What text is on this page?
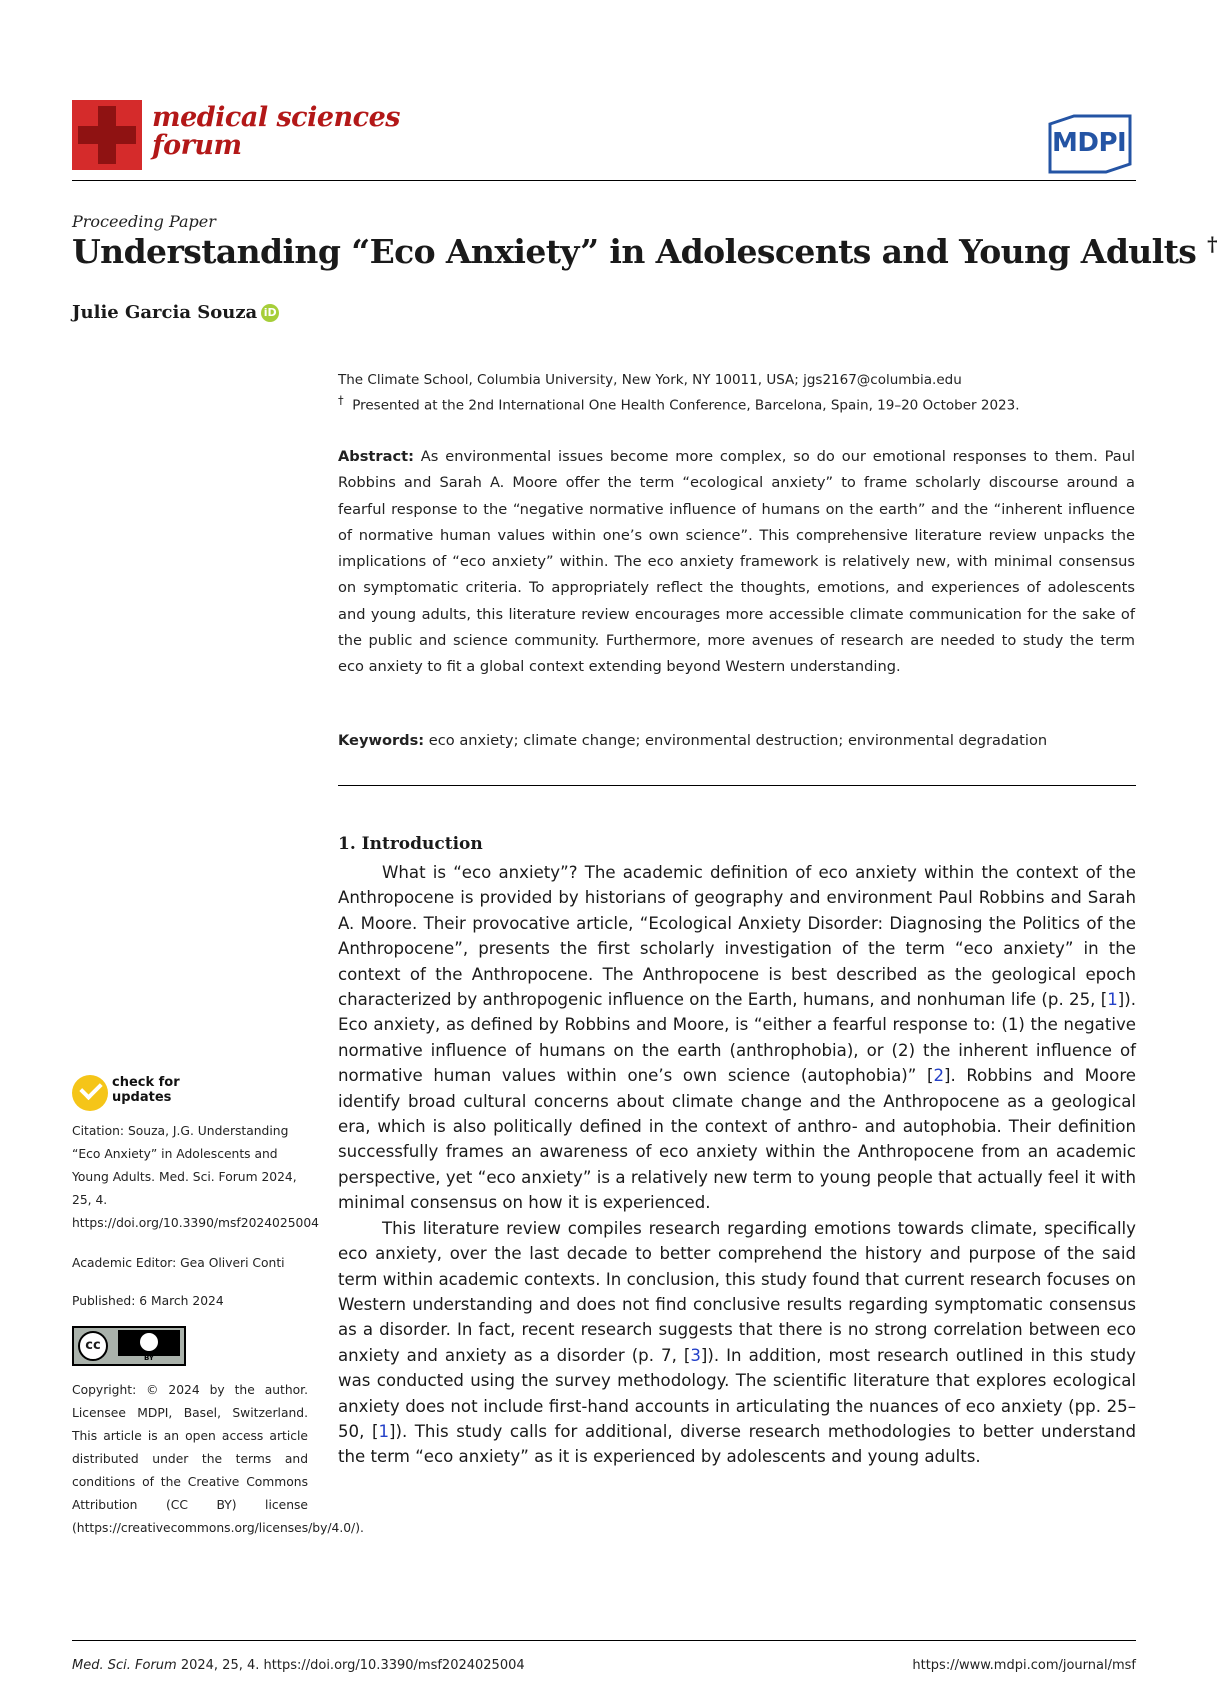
medical sciences
forum	MDPI
Proceeding Paper
Understanding “Eco Anxiety” in Adolescents and Young Adults †
Julie Garcia Souza iD
The Climate School, Columbia University, New York, NY 10011, USA; jgs2167@columbia.edu
† Presented at the 2nd International One Health Conference, Barcelona, Spain, 19–20 October 2023.
Abstract: As environmental issues become more complex, so do our emotional responses to them. Paul Robbins and Sarah A. Moore offer the term “ecological anxiety” to frame scholarly discourse around a fearful response to the “negative normative influence of humans on the earth” and the “inherent influence of normative human values within one’s own science”. This comprehensive literature review unpacks the implications of “eco anxiety” within. The eco anxiety framework is relatively new, with minimal consensus on symptomatic criteria. To appropriately reflect the thoughts, emotions, and experiences of adolescents and young adults, this literature review encourages more accessible climate communication for the sake of the public and science community. Furthermore, more avenues of research are needed to study the term eco anxiety to fit a global context extending beyond Western understanding.
Keywords: eco anxiety; climate change; environmental destruction; environmental degradation
1. Introduction

What is “eco anxiety”? The academic definition of eco anxiety within the context of the Anthropocene is provided by historians of geography and environment Paul Robbins and Sarah A. Moore. Their provocative article, “Ecological Anxiety Disorder: Diagnosing the Politics of the Anthropocene”, presents the first scholarly investigation of the term “eco anxiety” in the context of the Anthropocene. The Anthropocene is best described as the geological epoch characterized by anthropogenic influence on the Earth, humans, and nonhuman life (p. 25, [1]). Eco anxiety, as defined by Robbins and Moore, is “either a fearful response to: (1) the negative normative influence of humans on the earth (anthrophobia), or (2) the inherent influence of normative human values within one’s own science (autophobia)” [2]. Robbins and Moore identify broad cultural concerns about climate change and the Anthropocene as a geological era, which is also politically defined in the context of anthro- and autophobia. Their definition successfully frames an awareness of eco anxiety within the Anthropocene from an academic perspective, yet “eco anxiety” is a relatively new term to young people that actually feel it with minimal consensus on how it is experienced.

This literature review compiles research regarding emotions towards climate, specifically eco anxiety, over the last decade to better comprehend the history and purpose of the said term within academic contexts. In conclusion, this study found that current research focuses on Western understanding and does not find conclusive results regarding symptomatic consensus as a disorder. In fact, recent research suggests that there is no strong correlation between eco anxiety and anxiety as a disorder (p. 7, [3]). In addition, most research outlined in this study was conducted using the survey methodology. The scientific literature that explores ecological anxiety does not include first-hand accounts in articulating the nuances of eco anxiety (pp. 25–50, [1]). This study calls for additional, diverse research methodologies to better understand the term “eco anxiety” as it is experienced by adolescents and young adults.

check for
updates
Citation: Souza, J.G. Understanding “Eco Anxiety” in Adolescents and Young Adults. Med. Sci. Forum 2024, 25, 4. https://doi.org/10.3390/msf2024025004
Academic Editor: Gea Oliveri Conti
Published: 6 March 2024
cc
BY
Copyright: © 2024 by the author. Licensee MDPI, Basel, Switzerland. This article is an open access article distributed under the terms and conditions of the Creative Commons Attribution (CC BY) license (https://creativecommons.org/licenses/by/4.0/).
Med. Sci. Forum 2024, 25, 4. https://doi.org/10.3390/msf2024025004	https://www.mdpi.com/journal/msf
